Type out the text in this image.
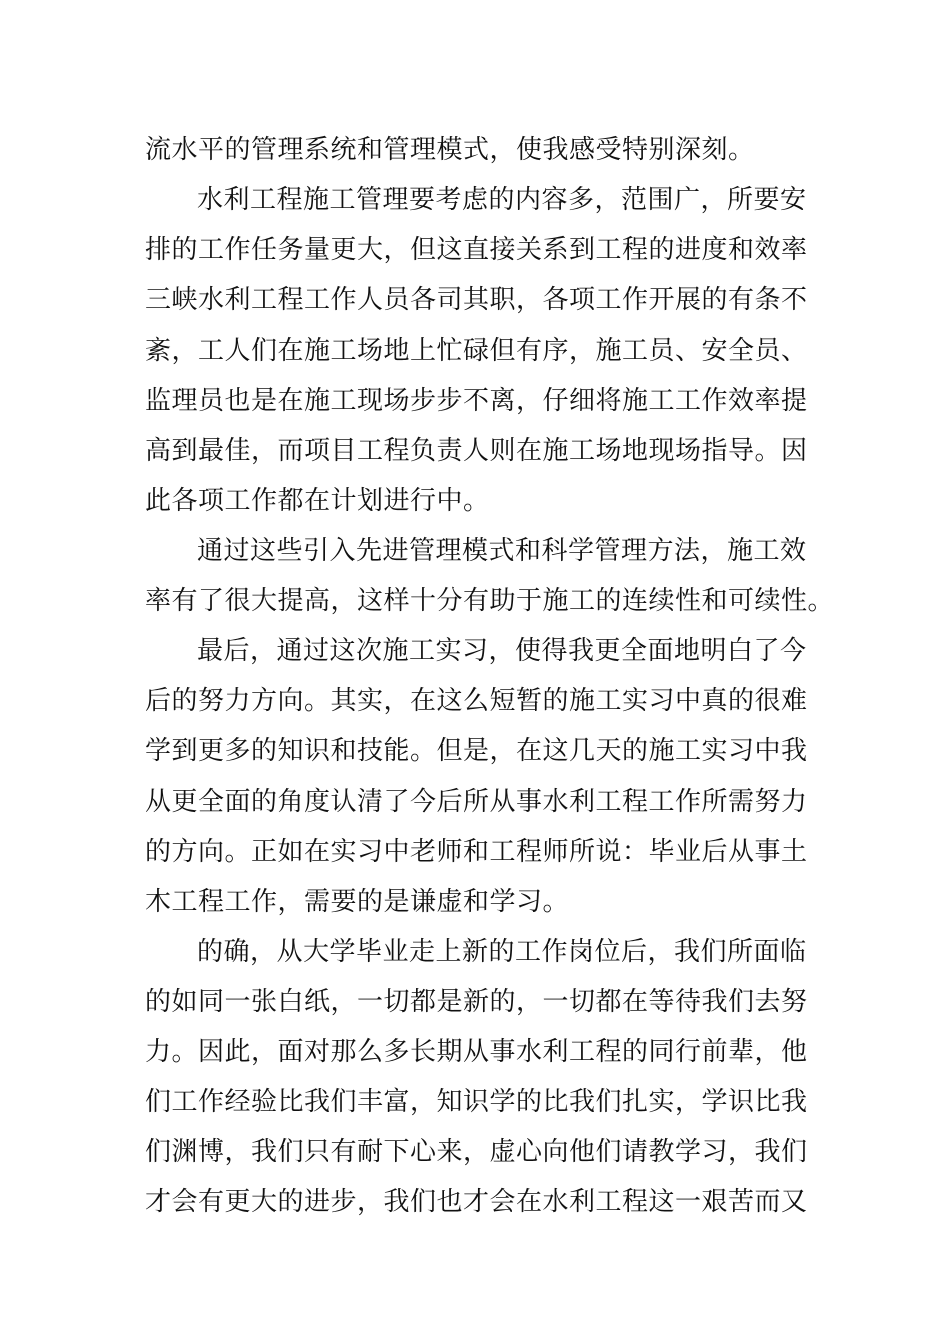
流水平的管理系统和管理模式，使我感受特别深刻。
水利工程施工管理要考虑的内容多，范围广，所要安
排的工作任务量更大，但这直接关系到工程的进度和效率
三峡水利工程工作人员各司其职，各项工作开展的有条不
紊，工人们在施工场地上忙碌但有序，施工员、安全员、
监理员也是在施工现场步步不离，仔细将施工工作效率提
高到最佳，而项目工程负责人则在施工场地现场指导。因
此各项工作都在计划进行中。
通过这些引入先进管理模式和科学管理方法，施工效
率有了很大提高，这样十分有助于施工的连续性和可续性。
最后，通过这次施工实习，使得我更全面地明白了今
后的努力方向。其实，在这么短暂的施工实习中真的很难
学到更多的知识和技能。但是，在这几天的施工实习中我
从更全面的角度认清了今后所从事水利工程工作所需努力
的方向。正如在实习中老师和工程师所说：毕业后从事土
木工程工作，需要的是谦虚和学习。
的确，从大学毕业走上新的工作岗位后，我们所面临
的如同一张白纸，一切都是新的，一切都在等待我们去努
力。因此，面对那么多长期从事水利工程的同行前辈，他
们工作经验比我们丰富，知识学的比我们扎实，学识比我
们渊博，我们只有耐下心来，虚心向他们请教学习，我们
才会有更大的进步，我们也才会在水利工程这一艰苦而又
